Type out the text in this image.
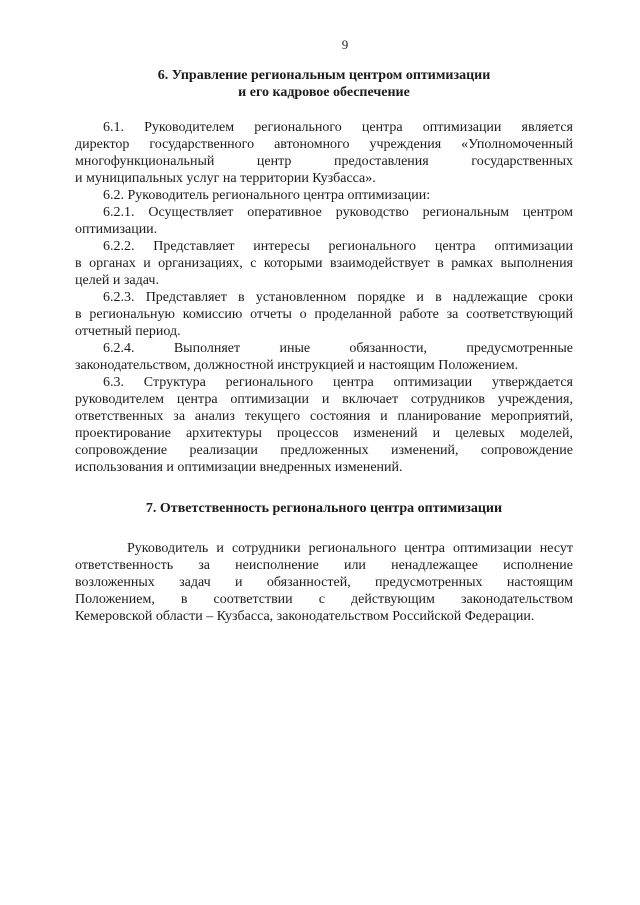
9
6. Управление региональным центром оптимизации
и его кадровое обеспечение
6.1. Руководителем регионального центра оптимизации является
директор государственного автономного учреждения «Уполномоченный
многофункциональный центр предоставления государственных
и муниципальных услуг на территории Кузбасса».
6.2. Руководитель регионального центра оптимизации:
6.2.1. Осуществляет оперативное руководство региональным центром
оптимизации.
6.2.2. Представляет интересы регионального центра оптимизации
в органах и организациях, с которыми взаимодействует в рамках выполнения
целей и задач.
6.2.3. Представляет в установленном порядке и в надлежащие сроки
в региональную комиссию отчеты о проделанной работе за соответствующий
отчетный период.
6.2.4. Выполняет иные обязанности, предусмотренные
законодательством, должностной инструкцией и настоящим Положением.
6.3. Структура регионального центра оптимизации утверждается
руководителем центра оптимизации и включает сотрудников учреждения,
ответственных за анализ текущего состояния и планирование мероприятий,
проектирование архитектуры процессов изменений и целевых моделей,
сопровождение реализации предложенных изменений, сопровождение
использования и оптимизации внедренных изменений.
7. Ответственность регионального центра оптимизации
Руководитель и сотрудники регионального центра оптимизации несут
ответственность за неисполнение или ненадлежащее исполнение
возложенных задач и обязанностей, предусмотренных настоящим
Положением, в соответствии с действующим законодательством
Кемеровской области – Кузбасса, законодательством Российской Федерации.
